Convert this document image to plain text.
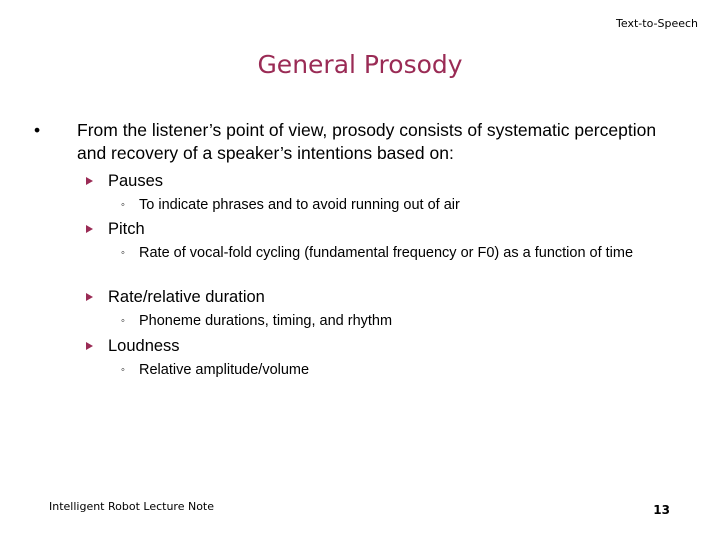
Text-to-Speech
General Prosody
• From the listener’s point of view, prosody consists of systematic perception and recovery of a speaker’s intentions based on:
Pauses
◦ To indicate phrases and to avoid running out of air
Pitch
◦ Rate of vocal-fold cycling (fundamental frequency or F0) as a function of time
Rate/relative duration
◦ Phoneme durations, timing, and rhythm
Loudness
◦ Relative amplitude/volume
Intelligent Robot Lecture Note	13
